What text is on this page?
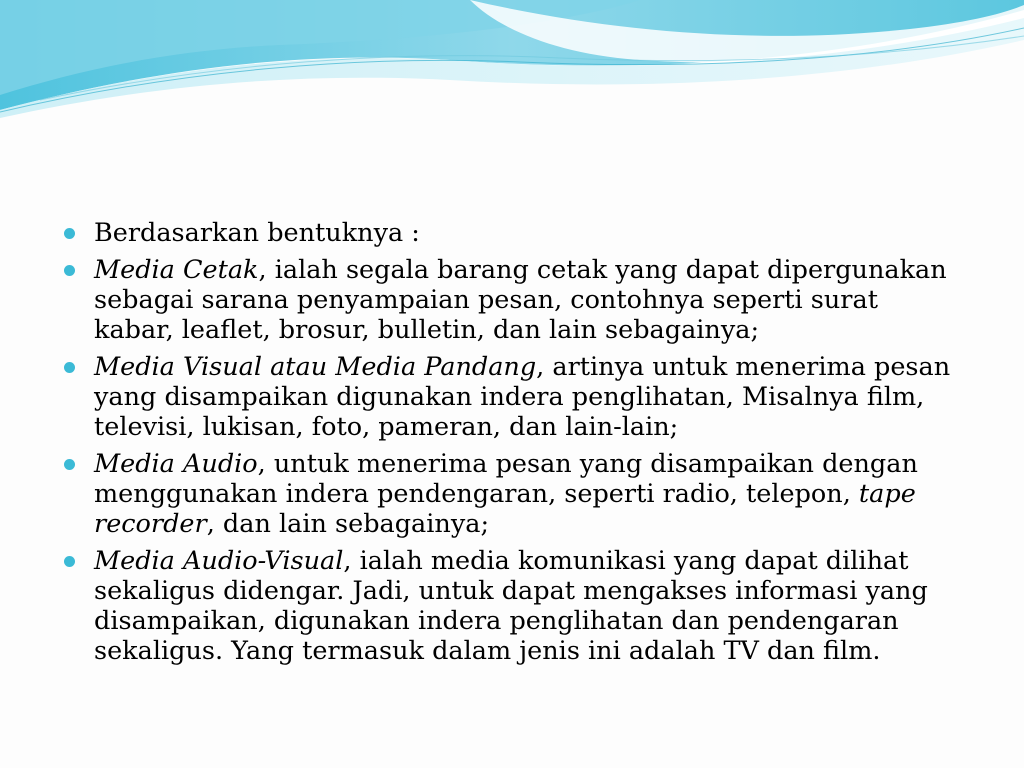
Berdasarkan bentuknya :
Media Cetak, ialah segala barang cetak yang dapat dipergunakan sebagai sarana penyampaian pesan, contohnya seperti surat kabar, leaflet, brosur, bulletin, dan lain sebagainya;
Media Visual atau Media Pandang, artinya untuk menerima pesan yang disampaikan digunakan indera penglihatan, Misalnya film, televisi, lukisan, foto, pameran, dan lain-lain;
Media Audio, untuk menerima pesan yang disampaikan dengan menggunakan indera pendengaran, seperti radio, telepon, tape recorder, dan lain sebagainya;
Media Audio-Visual, ialah media komunikasi yang dapat dilihat sekaligus didengar. Jadi, untuk dapat mengakses informasi yang disampaikan, digunakan indera penglihatan dan pendengaran sekaligus. Yang termasuk dalam jenis ini adalah TV dan film.
